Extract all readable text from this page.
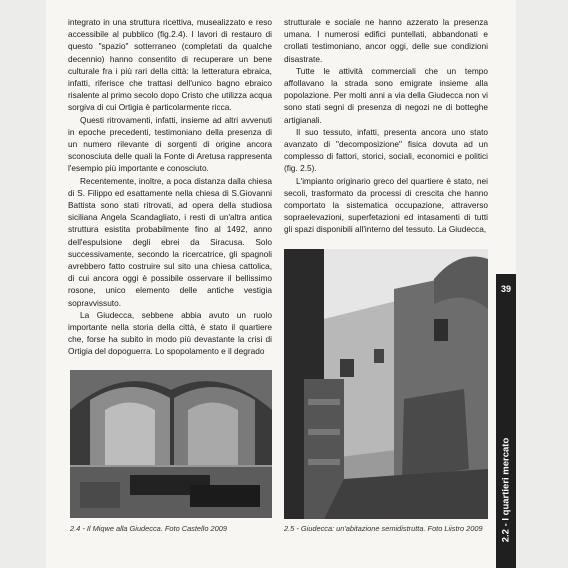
integrato in una struttura ricettiva, musealizzato e reso accessibile al pubblico (fig.2.4). I lavori di restauro di questo "spazio" sotterraneo (completati da qualche decennio) hanno consentito di recuperare un bene culturale fra i più rari della città: la letteratura ebraica, infatti, riferisce che trattasi dell'unico bagno ebraico risalente al primo secolo dopo Cristo che utilizza acqua sorgiva di cui Ortigia è particolarmente ricca.

Questi ritrovamenti, infatti, insieme ad altri avvenuti in epoche precedenti, testimoniano della presenza di un numero rilevante di sorgenti di origine ancora sconosciuta delle quali la Fonte di Aretusa rappresenta l'esempio più importante e conosciuto.

Recentemente, inoltre, a poca distanza dalla chiesa di S. Filippo ed esattamente nella chiesa di S.Giovanni Battista sono stati ritrovati, ad opera della studiosa siciliana Angela Scandagliato, i resti di un'altra antica struttura esistita probabilmente fino al 1492, anno dell'espulsione degli ebrei da Siracusa. Solo successivamente, secondo la ricercatrice, gli spagnoli avrebbero fatto costruire sul sito una chiesa cattolica, di cui ancora oggi è possibile osservare il bellissimo rosone, unico elemento delle antiche vestigia sopravvissuto.

La Giudecca, sebbene abbia avuto un ruolo importante nella storia della città, è stato il quartiere che, forse ha subito in modo più devastante la crisi di Ortigia del dopoguerra. Lo spopolamento e il degrado

strutturale e sociale ne hanno azzerato la presenza umana. I numerosi edifici puntellati, abbandonati e crollati testimoniano, ancor oggi, delle sue condizioni disastrate.

Tutte le attività commerciali che un tempo affollavano la strada sono emigrate insieme alla popolazione. Per molti anni a via della Giudecca non vi sono stati segni di presenza di negozi ne di botteghe artigianali.

Il suo tessuto, infatti, presenta ancora uno stato avanzato di "decomposizione" fisica dovuta ad un complesso di fattori, storici, sociali, economici e politici (fig. 2.5).

L'impianto originario greco del quartiere è stato, nei secoli, trasformato da processi di crescita che hanno comportato la sistematica occupazione, attraverso sopraelevazioni, superfetazioni ed intasamenti di tutti gli spazi disponibili all'interno del tessuto. La Giudecca,

2.4 - Il Miqwe alla Giudecca. Foto Castello 2009	2.5 - Giudecca: un'abitazione semidistrutta. Foto Liistro 2009
39
2.2 - I quartieri mercato
